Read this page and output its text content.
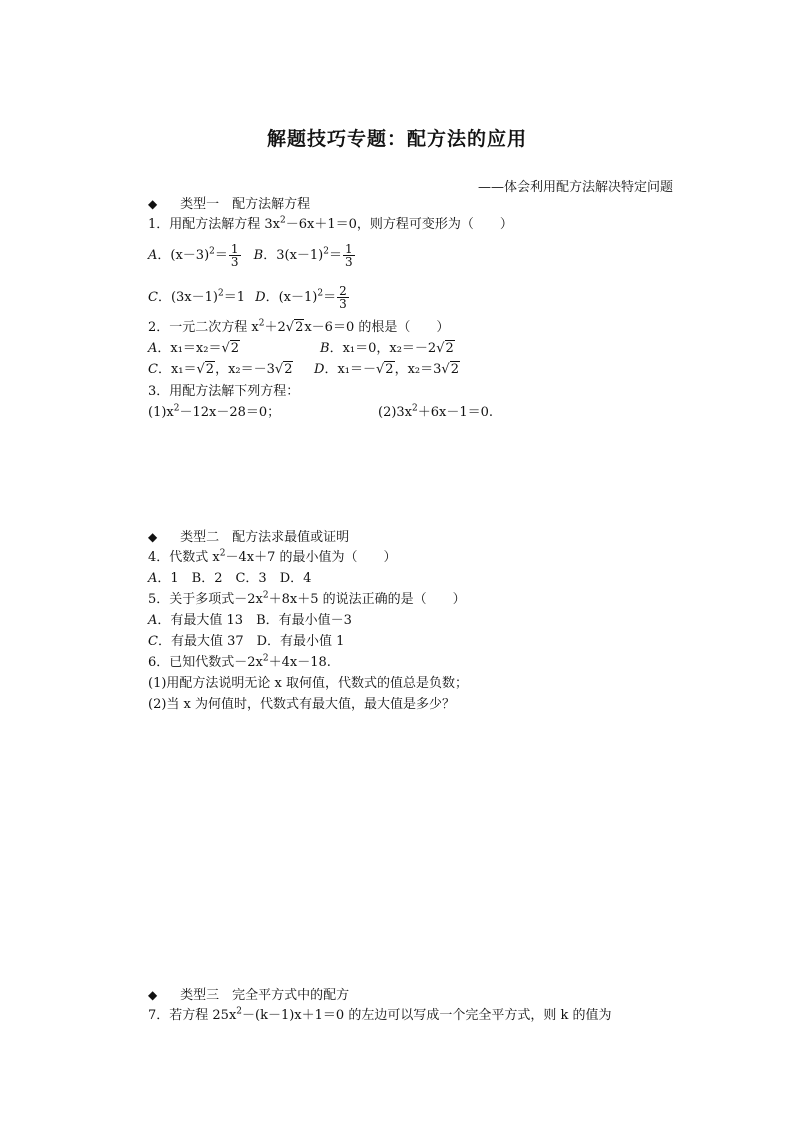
解题技巧专题：配方法的应用
——体会利用配方法解决特定问题
◆ 类型一　配方法解方程
1．用配方法解方程 $3x^2-6x+1=0$，则方程可变形为（　　）
A．$(x-3)^2= \frac{1}{3}$ B．$3(x-1)^2= \frac{1}{3}$
C．$(3x-1)^2=1$ D．$(x-1)^2= \frac{2}{3}$
2．一元二次方程 $x^2+2√2x-6=0$ 的根是（　　）
A．x₁＝x₂＝√2	B．x₁＝0，x₂＝－2√2
C．x₁＝√2，x₂＝－3√2 D．x₁＝－√2，x₂＝3√2
3．用配方法解下列方程：
$(1)x^2-12x-28=0$；	$(2)3x^2+6x-1=0$.
◆ 类型二　配方法求最值或证明
4．代数式 $x^2-4x+7$ 的最小值为（　　）
A．1　B．2　C．3　D．4
5．关于多项式$-2x^2+8x+5$ 的说法正确的是（　　）
A．有最大值 13　B．有最小值－3
C．有最大值 37　D．有最小值 1
6．已知代数式$-2x^2+4x-18$.
(1)用配方法说明无论 x 取何值，代数式的值总是负数；
(2)当 x 为何值时，代数式有最大值，最大值是多少？
◆ 类型三　完全平方式中的配方
7．若方程 $25x^2-(k-1)x+1=0$ 的左边可以写成一个完全平方式，则 k 的值为
